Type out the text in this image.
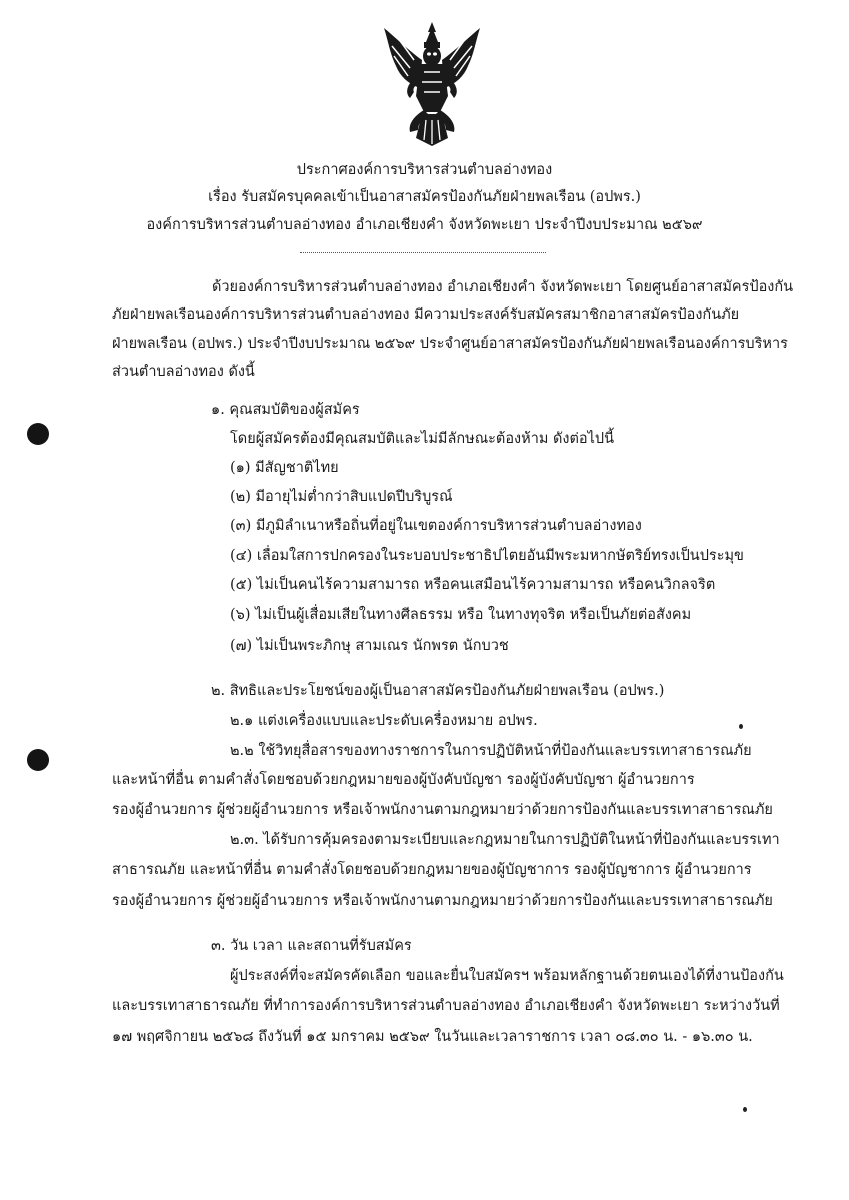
ประกาศองค์การบริหารส่วนตำบลอ่างทอง
เรื่อง รับสมัครบุคคลเข้าเป็นอาสาสมัครป้องกันภัยฝ่ายพลเรือน (อปพร.)
องค์การบริหารส่วนตำบลอ่างทอง อำเภอเชียงคำ จังหวัดพะเยา ประจำปีงบประมาณ ๒๕๖๙
ด้วยองค์การบริหารส่วนตำบลอ่างทอง อำเภอเชียงคำ จังหวัดพะเยา โดยศูนย์อาสาสมัครป้องกัน
ภัยฝ่ายพลเรือนองค์การบริหารส่วนตำบลอ่างทอง มีความประสงค์รับสมัครสมาชิกอาสาสมัครป้องกันภัย
ฝ่ายพลเรือน (อปพร.) ประจำปีงบประมาณ ๒๕๖๙ ประจำศูนย์อาสาสมัครป้องกันภัยฝ่ายพลเรือนองค์การบริหาร
ส่วนตำบลอ่างทอง ดังนี้
๑. คุณสมบัติของผู้สมัคร
โดยผู้สมัครต้องมีคุณสมบัติและไม่มีลักษณะต้องห้าม ดังต่อไปนี้
(๑) มีสัญชาติไทย
(๒) มีอายุไม่ต่ำกว่าสิบแปดปีบริบูรณ์
(๓) มีภูมิลำเนาหรือถิ่นที่อยู่ในเขตองค์การบริหารส่วนตำบลอ่างทอง
(๔) เลื่อมใสการปกครองในระบอบประชาธิปไตยอันมีพระมหากษัตริย์ทรงเป็นประมุข
(๕) ไม่เป็นคนไร้ความสามารถ หรือคนเสมือนไร้ความสามารถ หรือคนวิกลจริต
(๖) ไม่เป็นผู้เสื่อมเสียในทางศีลธรรม หรือ ในทางทุจริต หรือเป็นภัยต่อสังคม
(๗) ไม่เป็นพระภิกษุ สามเณร นักพรต นักบวช
๒. สิทธิและประโยชน์ของผู้เป็นอาสาสมัครป้องกันภัยฝ่ายพลเรือน (อปพร.)
๒.๑ แต่งเครื่องแบบและประดับเครื่องหมาย อปพร.
๒.๒ ใช้วิทยุสื่อสารของทางราชการในการปฏิบัติหน้าที่ป้องกันและบรรเทาสาธารณภัย
และหน้าที่อื่น ตามคำสั่งโดยชอบด้วยกฎหมายของผู้บังคับบัญชา รองผู้บังคับบัญชา ผู้อำนวยการ
รองผู้อำนวยการ ผู้ช่วยผู้อำนวยการ หรือเจ้าพนักงานตามกฎหมายว่าด้วยการป้องกันและบรรเทาสาธารณภัย
๒.๓. ได้รับการคุ้มครองตามระเบียบและกฎหมายในการปฏิบัติในหน้าที่ป้องกันและบรรเทา
สาธารณภัย และหน้าที่อื่น ตามคำสั่งโดยชอบด้วยกฎหมายของผู้บัญชาการ รองผู้บัญชาการ ผู้อำนวยการ
รองผู้อำนวยการ ผู้ช่วยผู้อำนวยการ หรือเจ้าพนักงานตามกฎหมายว่าด้วยการป้องกันและบรรเทาสาธารณภัย
๓. วัน เวลา และสถานที่รับสมัคร
ผู้ประสงค์ที่จะสมัครคัดเลือก ขอและยื่นใบสมัครฯ พร้อมหลักฐานด้วยตนเองได้ที่งานป้องกัน
และบรรเทาสาธารณภัย ที่ทำการองค์การบริหารส่วนตำบลอ่างทอง อำเภอเชียงคำ จังหวัดพะเยา ระหว่างวันที่
๑๗ พฤศจิกายน ๒๕๖๘ ถึงวันที่ ๑๕ มกราคม ๒๕๖๙ ในวันและเวลาราชการ เวลา ๐๘.๓๐ น. - ๑๖.๓๐ น.
